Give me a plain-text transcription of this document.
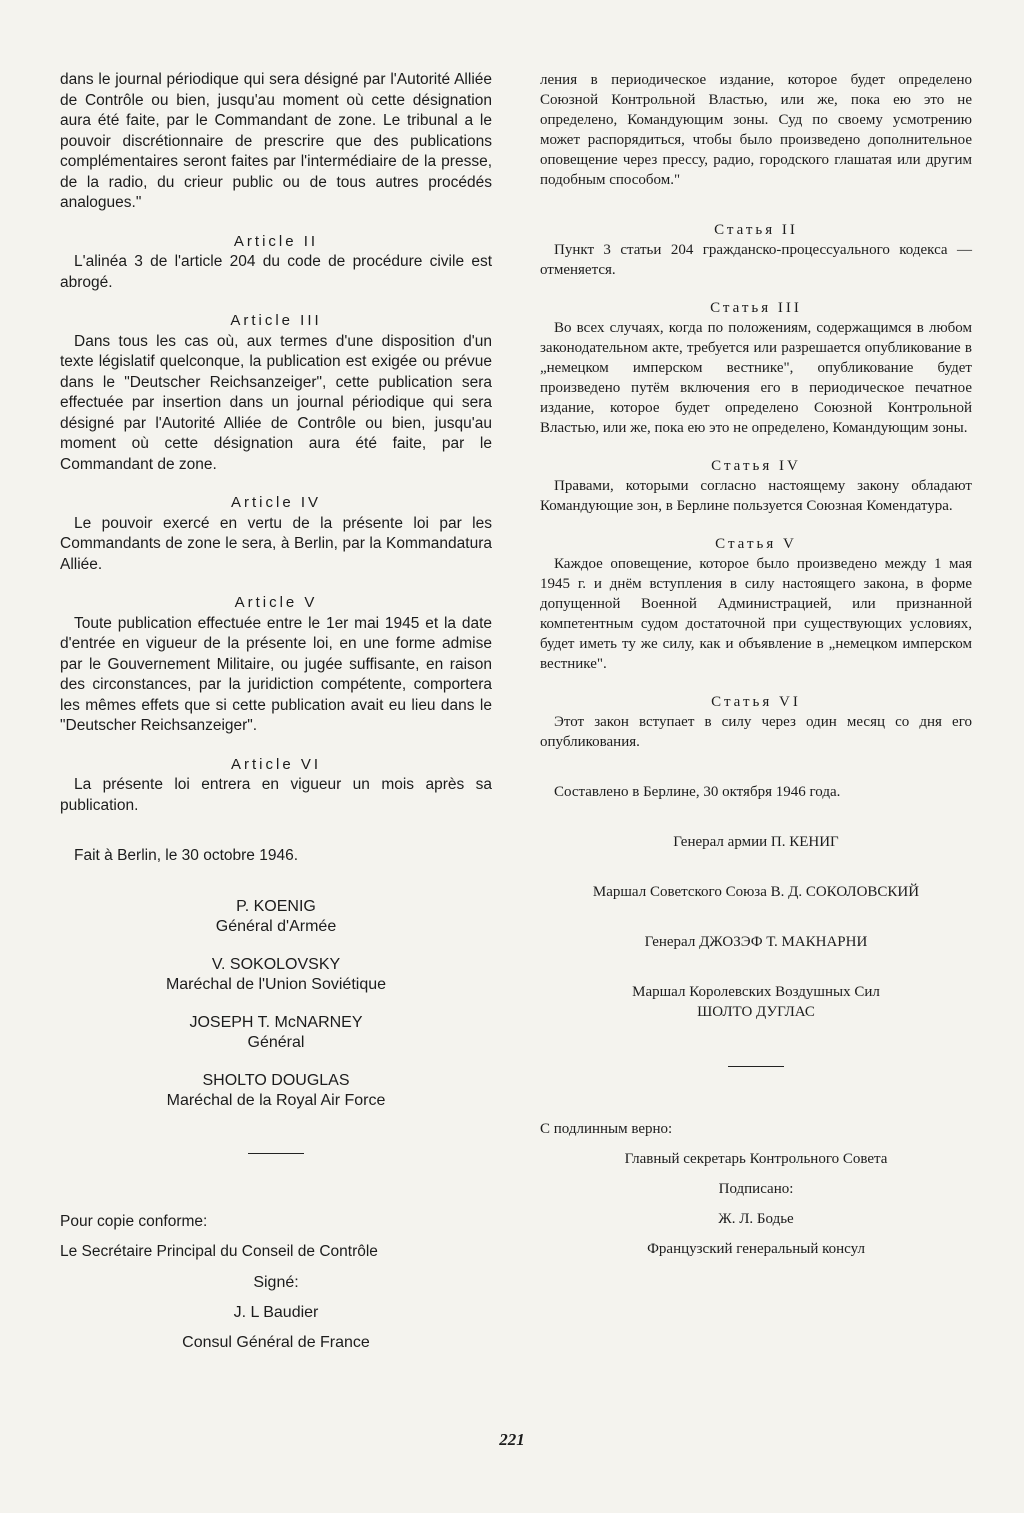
dans le journal périodique qui sera désigné par l'Autorité Alliée de Contrôle ou bien, jusqu'au moment où cette désignation aura été faite, par le Commandant de zone. Le tribunal a le pouvoir discrétionnaire de prescrire que des publications complémentaires seront faites par l'intermédiaire de la presse, de la radio, du crieur public ou de tous autres procédés analogues."

Article II

L'alinéa 3 de l'article 204 du code de procédure civile est abrogé.

Article III

Dans tous les cas où, aux termes d'une disposition d'un texte législatif quelconque, la publication est exigée ou prévue dans le "Deutscher Reichsanzeiger", cette publication sera effectuée par insertion dans un journal périodique qui sera désigné par l'Autorité Alliée de Contrôle ou bien, jusqu'au moment où cette désignation aura été faite, par le Commandant de zone.

Article IV

Le pouvoir exercé en vertu de la présente loi par les Commandants de zone le sera, à Berlin, par la Kommandatura Alliée.

Article V

Toute publication effectuée entre le 1er mai 1945 et la date d'entrée en vigueur de la présente loi, en une forme admise par le Gouvernement Militaire, ou jugée suffisante, en raison des circonstances, par la juridiction compétente, comportera les mêmes effets que si cette publication avait eu lieu dans le "Deutscher Reichsanzeiger".

Article VI

La présente loi entrera en vigueur un mois après sa publication.

Fait à Berlin, le 30 octobre 1946.

P. KOENIG
Général d'Armée
V. SOKOLOVSKY
Maréchal de l'Union Soviétique
JOSEPH T. McNARNEY
Général
SHOLTO DOUGLAS
Maréchal de la Royal Air Force

Pour copie conforme:

Le Secrétaire Principal du Conseil de Contrôle

Signé:
J. L Baudier
Consul Général de France

ления в периодическое издание, которое будет определено Союзной Контрольной Властью, или же, пока ею это не определено, Командующим зоны. Суд по своему усмотрению может распорядиться, чтобы было произведено дополнительное оповещение через прессу, радио, городского глашатая или другим подобным способом."

Статья II

Пункт 3 статьи 204 гражданско-процессуального кодекса — отменяется.

Статья III

Во всех случаях, когда по положениям, содержащимся в любом законодательном акте, требуется или разрешается опубликование в „немецком имперском вестнике", опубликование будет произведено путём включения его в периодическое печатное издание, которое будет определено Союзной Контрольной Властью, или же, пока ею это не определено, Командующим зоны.

Статья IV

Правами, которыми согласно настоящему закону обладают Командующие зон, в Берлине пользуется Союзная Комендатура.

Статья V

Каждое оповещение, которое было произведено между 1 мая 1945 г. и днём вступления в силу настоящего закона, в форме допущенной Военной Администрацией, или признанной компетентным судом достаточной при существующих условиях, будет иметь ту же силу, как и объявление в „немецком имперском вестнике".

Статья VI

Этот закон вступает в силу через один месяц со дня его опубликования.

Составлено в Берлине, 30 октября 1946 года.

Генерал армии П. КЕНИГ
Маршал Советского Союза В. Д. СОКОЛОВСКИЙ
Генерал ДЖОЗЭФ Т. МАКНАРНИ
Маршал Королевских Воздушных Сил
ШОЛТО ДУГЛАС

С подлинным верно:

Главный секретарь Контрольного Совета
Подписано:
Ж. Л. Бодье
Французский генеральный консул
221
